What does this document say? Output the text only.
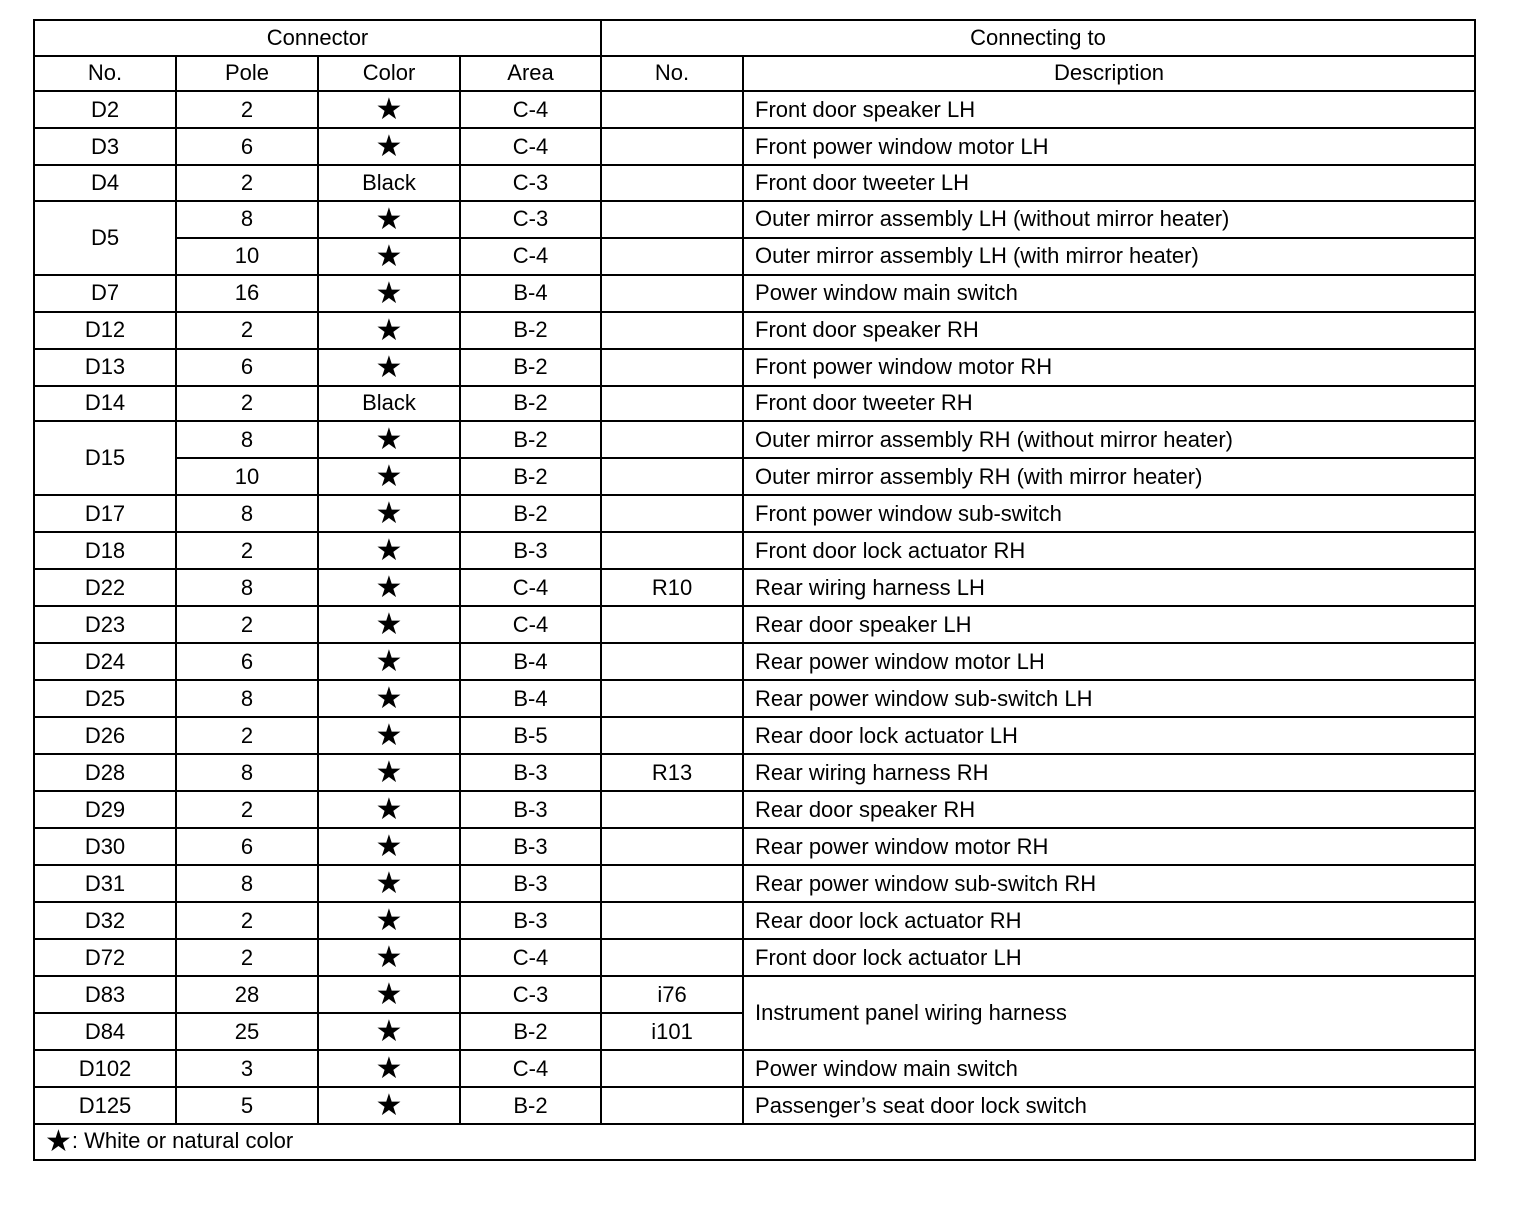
Connector				Connecting to	
No.	Pole	Color	Area	No.	Description
D2	2	★	C-4		Front door speaker LH
D3	6	★	C-4		Front power window motor LH
D4	2	Black	C-3		Front door tweeter LH
D5	8	★	C-3		Outer mirror assembly LH (without mirror heater)
	10	★	C-4		Outer mirror assembly LH (with mirror heater)
D7	16	★	B-4		Power window main switch
D12	2	★	B-2		Front door speaker RH
D13	6	★	B-2		Front power window motor RH
D14	2	Black	B-2		Front door tweeter RH
D15	8	★	B-2		Outer mirror assembly RH (without mirror heater)
	10	★	B-2		Outer mirror assembly RH (with mirror heater)
D17	8	★	B-2		Front power window sub-switch
D18	2	★	B-3		Front door lock actuator RH
D22	8	★	C-4	R10	Rear wiring harness LH
D23	2	★	C-4		Rear door speaker LH
D24	6	★	B-4		Rear power window motor LH
D25	8	★	B-4		Rear power window sub-switch LH
D26	2	★	B-5		Rear door lock actuator LH
D28	8	★	B-3	R13	Rear wiring harness RH
D29	2	★	B-3		Rear door speaker RH
D30	6	★	B-3		Rear power window motor RH
D31	8	★	B-3		Rear power window sub-switch RH
D32	2	★	B-3		Rear door lock actuator RH
D72	2	★	C-4		Front door lock actuator LH
D83	28	★	C-3	i76	Instrument panel wiring harness
D84	25	★	B-2	i101	
D102	3	★	C-4		Power window main switch
D125	5	★	B-2		Passenger’s seat door lock switch
★: White or natural color					
